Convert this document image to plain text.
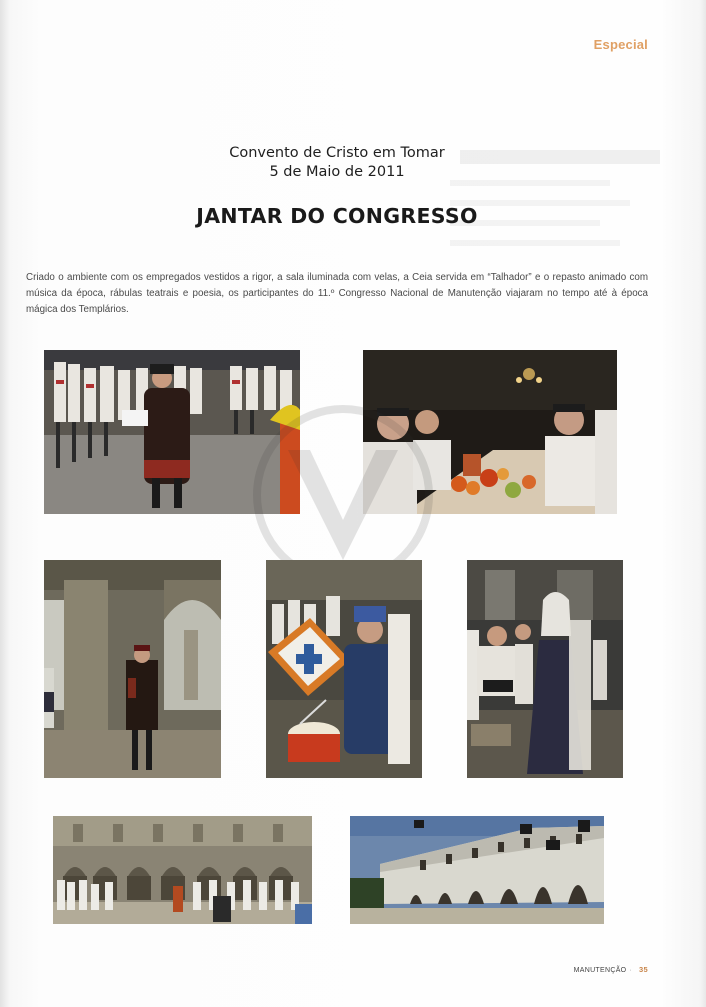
Especial
Convento de Cristo em Tomar
5 de Maio de 2011
JANTAR DO CONGRESSO
Criado o ambiente com os empregados vestidos a rigor, a sala iluminada com velas, a Ceia servida em “Talhador” e o repasto animado com música da época, rábulas teatrais e poesia, os participantes do 11.º Congresso Nacional de Manutenção viajaram no tempo até à época mágica dos Templários.
MANUTENÇÃO · 35
